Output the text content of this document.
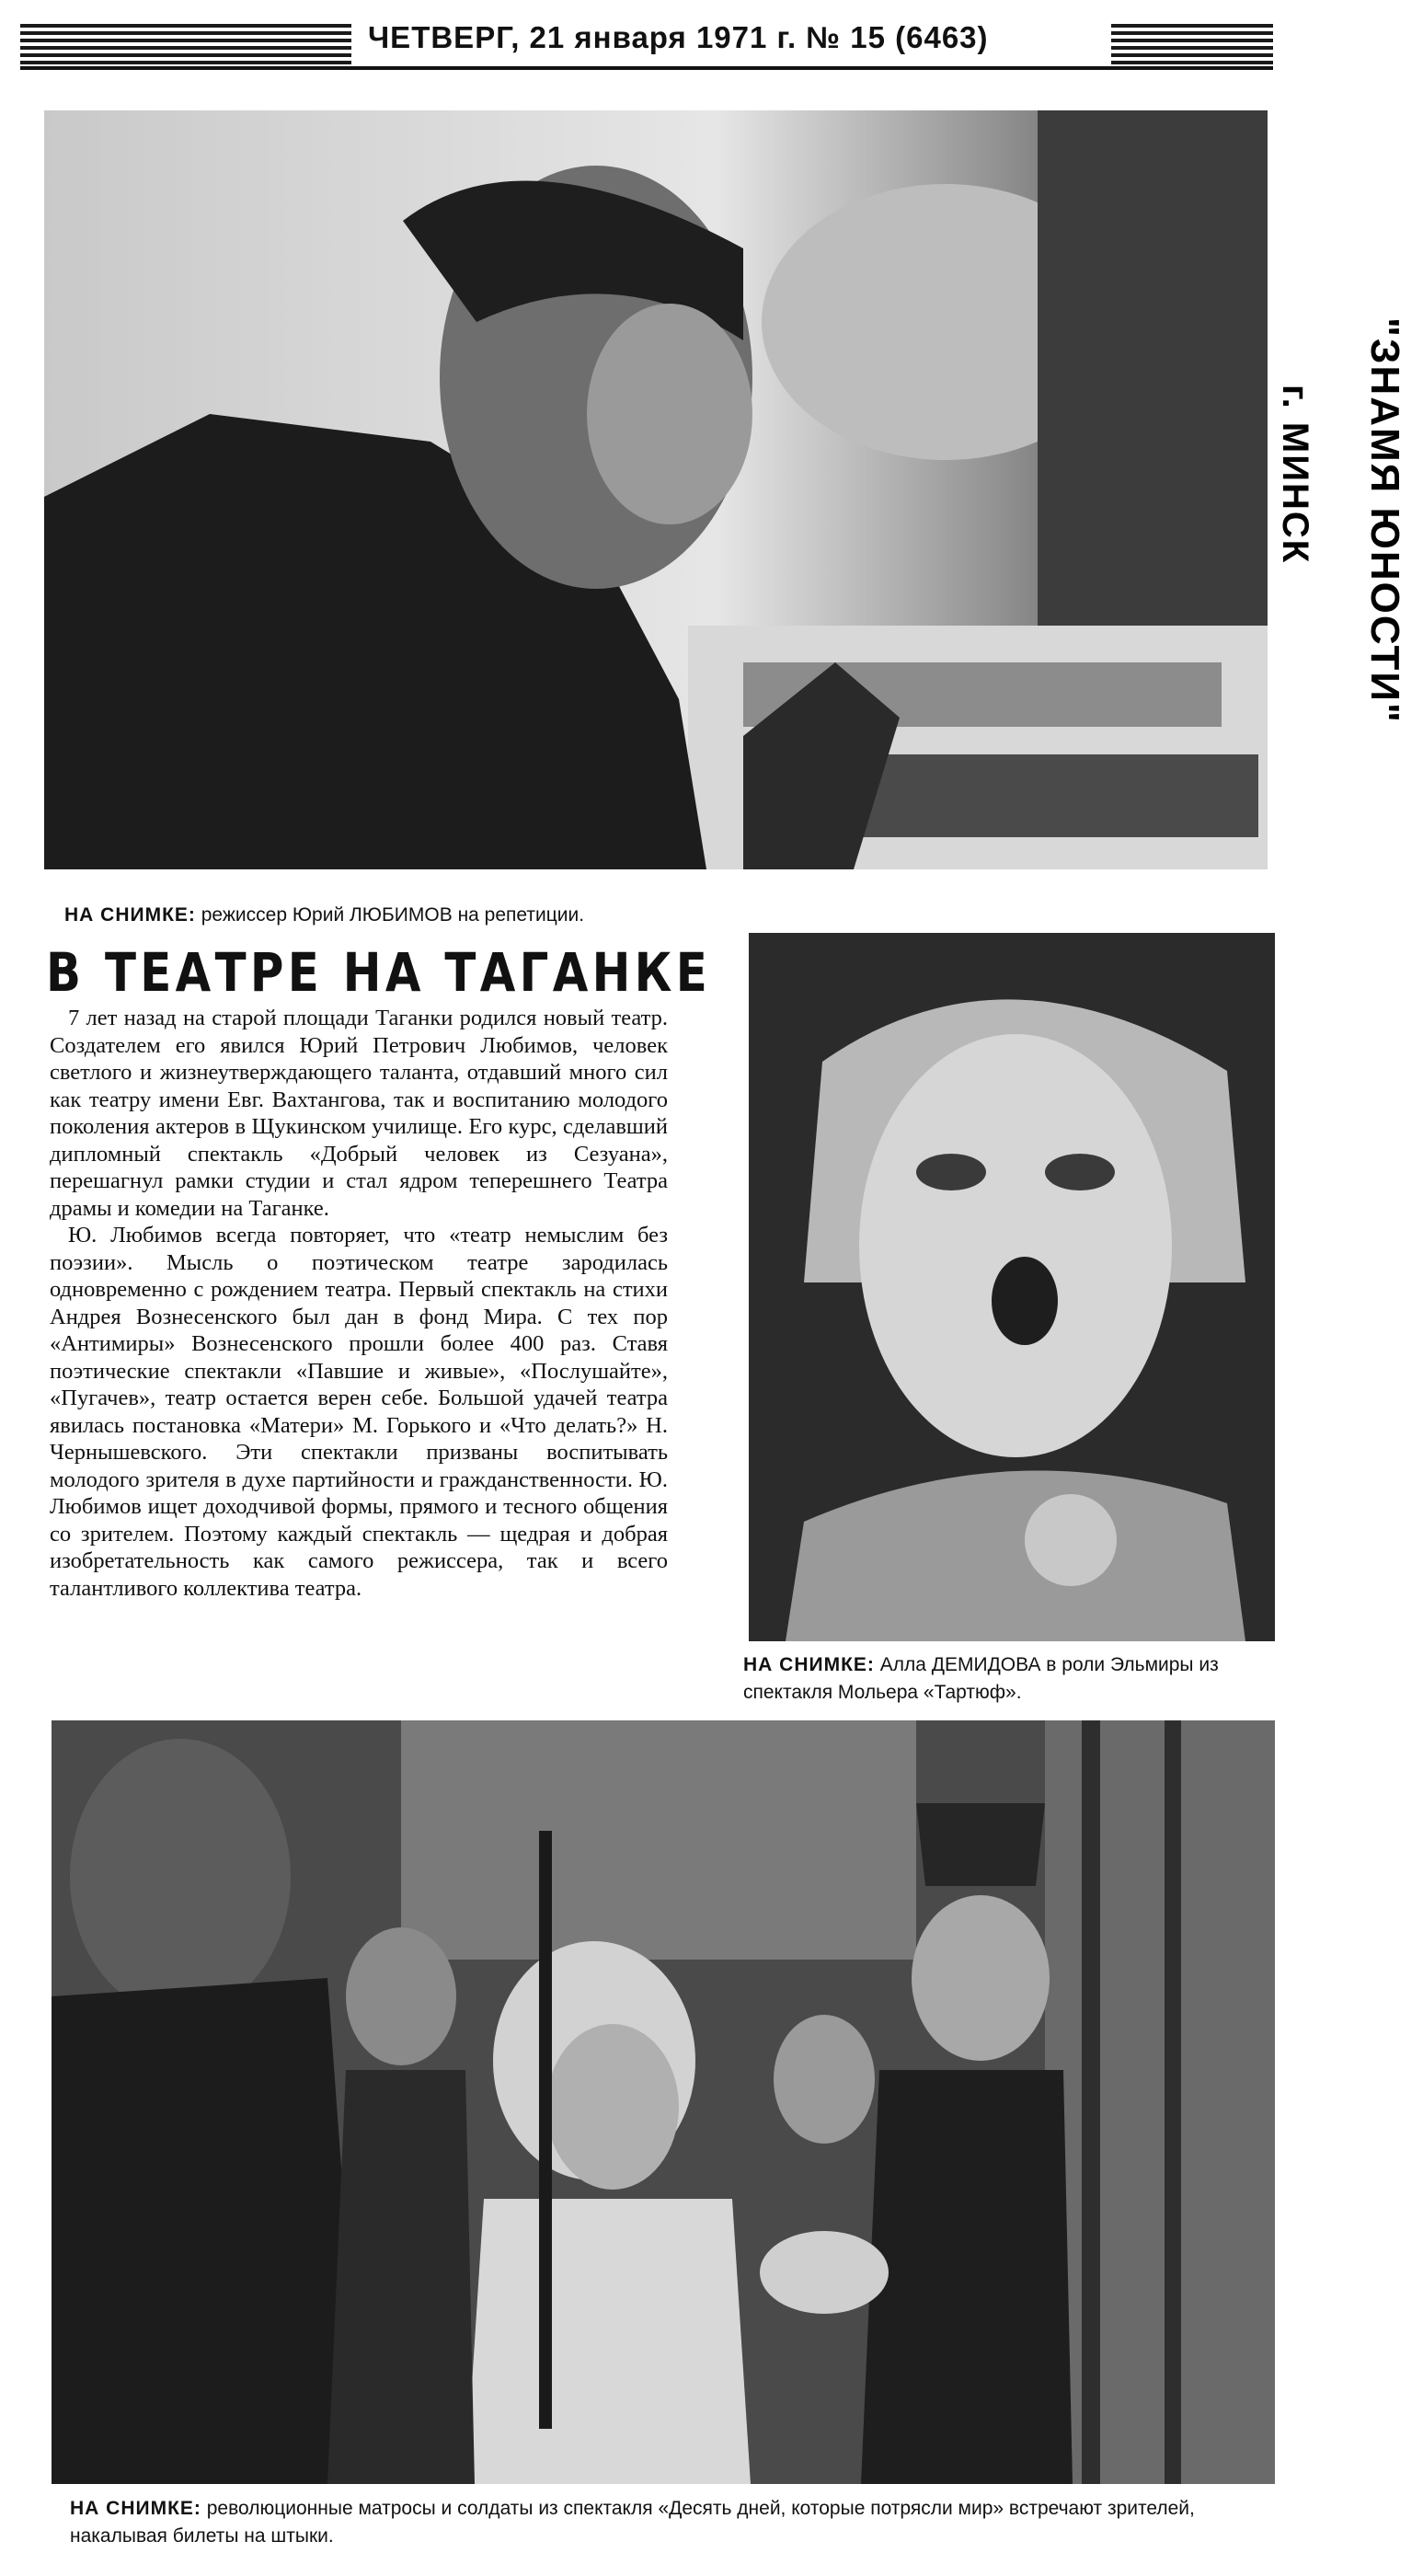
ЧЕТВЕРГ, 21 января 1971 г. № 15 (6463)
"ЗНАМЯ ЮНОСТИ"
г. МИНСК
НА СНИМКЕ: режиссер Юрий ЛЮБИМОВ на репетиции.
В ТЕАТРЕ НА ТАГАНКЕ

7 лет назад на старой площади Таганки родился новый театр. Создателем его явился Юрий Петрович Любимов, человек светлого и жизнеутверждающего таланта, отдавший много сил как театру имени Евг. Вахтангова, так и воспитанию молодого поколения актеров в Щукинском училище. Его курс, сделавший дипломный спектакль «Добрый человек из Сезуана», перешагнул рамки студии и стал ядром теперешнего Театра драмы и комедии на Таганке.

Ю. Любимов всегда повторяет, что «театр немыслим без поэзии». Мысль о поэтическом театре зародилась одновременно с рождением театра. Первый спектакль на стихи Андрея Вознесенского был дан в фонд Мира. С тех пор «Антимиры» Вознесенского прошли более 400 раз. Ставя поэтические спектакли «Павшие и живые», «Послушайте», «Пугачев», театр остается верен себе. Большой удачей театра явилась постановка «Матери» М. Горького и «Что делать?» Н. Чернышевского. Эти спектакли призваны воспитывать молодого зрителя в духе партийности и гражданственности. Ю. Любимов ищет доходчивой формы, прямого и тесного общения со зрителем. Поэтому каждый спектакль — щедрая и добрая изобретательность как самого режиссера, так и всего талантливого коллектива театра.

НА СНИМКЕ: Алла ДЕМИДОВА в роли Эльмиры из спектакля Мольера «Тартюф».
НА СНИМКЕ: революционные матросы и солдаты из спектакля «Десять дней, которые потрясли мир» встречают зрителей, накалывая билеты на штыки.
